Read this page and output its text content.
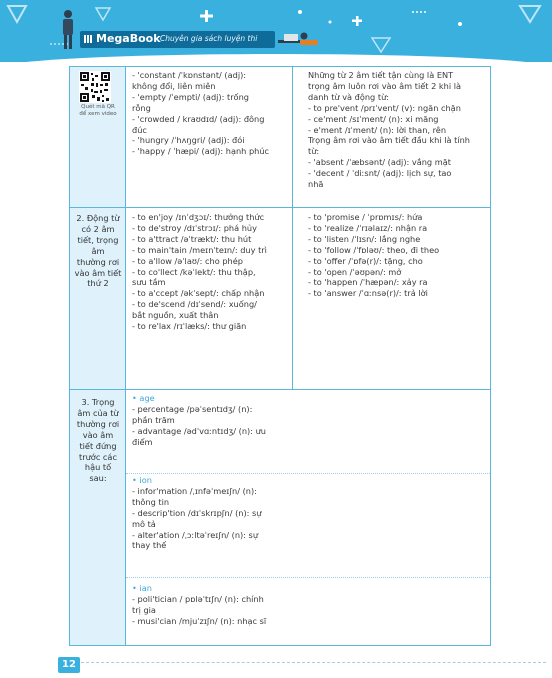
MegaBook Chuyên gia sách luyện thi
Quét mã QR
để xem video
- 'constant /ˈkɒnstənt/ (adj):
không đổi, liên miên
- 'empty /ˈempti/ (adj): trống
rỗng
- 'crowded / kraʊdɪd/ (adj): đông
đúc
- 'hungry /ˈhʌŋgri/ (adj): đói
- 'happy / ˈhæpi/ (adj): hạnh phúc
Những từ 2 âm tiết tận cùng là ENT
trọng âm luôn rơi vào âm tiết 2 khi là
danh từ và động từ:
- to pre'vent /prɪˈvent/ (v): ngăn chặn
- ce'ment /sɪˈment/ (n): xi măng
- e'ment /ɪˈment/ (n): lời than, rên
Trọng âm rơi vào âm tiết đầu khi là tính
từ:
- 'absent /ˈæbsənt/ (adj): vắng mặt
- 'decent / ˈdiːsnt/ (adj): lịch sự, tao
nhã
2. Động từ
có 2 âm
tiết, trọng
âm
thường rơi
vào âm tiết
thứ 2
- to en'joy /ɪnˈdʒɔɪ/: thưởng thức
- to de'stroy /dɪˈstrɔɪ/: phá hủy
- to a'ttract /əˈtrækt/: thu hút
- to main'tain /meɪnˈteɪn/: duy trì
- to a'llow /əˈlaʊ/: cho phép
- to co'llect /kəˈlekt/: thu thập,
sưu tầm
- to a'ccept /əkˈsept/: chấp nhận
- to de'scend /dɪˈsend/: xuống/
bắt nguồn, xuất thân
- to re'lax /rɪˈlæks/: thư giãn
- to 'promise / ˈprɒmɪs/: hứa
- to 'realize /ˈrɪəlaɪz/: nhận ra
- to 'listen /ˈlɪsn/: lắng nghe
- to 'follow /ˈfɒləʊ/: theo, đi theo
- to 'offer /ˈɒfə(r)/: tặng, cho
- to 'open /ˈəʊpən/: mở
- to 'happen /ˈhæpən/: xảy ra
- to 'answer /ˈɑːnsə(r)/: trả lời
3. Trọng
âm của từ
thường rơi
vào âm
tiết đứng
trước các
hậu tố
sau:
• age
- percentage /pəˈsentɪdʒ/ (n):
phần trăm
- advantage /ədˈvɑːntɪdʒ/ (n): ưu
điểm
• ion
- infor'mation /ˌɪnfəˈmeɪʃn/ (n):
thông tin
- descrip'tion /dɪˈskrɪpʃn/ (n): sự
mô tả
- alter'ation /ˌɔːltəˈreɪʃn/ (n): sự
thay thế
• ian
- poli'tician / pɒləˈtɪʃn/ (n): chính
trị gia
- musi'cian /mjuˈzɪʃn/ (n): nhạc sĩ
12
